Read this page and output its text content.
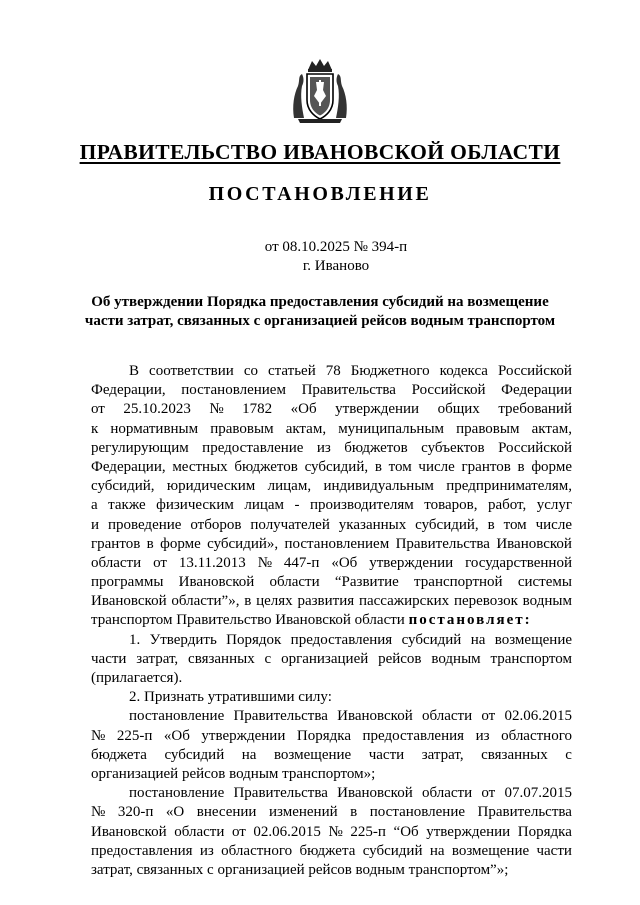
ПРАВИТЕЛЬСТВО ИВАНОВСКОЙ ОБЛАСТИ
ПОСТАНОВЛЕНИЕ
от 08.10.2025 № 394-п
г. Иваново
Об утверждении Порядка предоставления субсидий на возмещение
части затрат, связанных с организацией рейсов водным транспортом
В соответствии со статьей 78 Бюджетного кодекса Российской
Федерации, постановлением Правительства Российской Федерации
от 25.10.2023 № 1782 «Об утверждении общих требований
к нормативным правовым актам, муниципальным правовым актам,
регулирующим предоставление из бюджетов субъектов Российской
Федерации, местных бюджетов субсидий, в том числе грантов в форме
субсидий, юридическим лицам, индивидуальным предпринимателям,
а также физическим лицам - производителям товаров, работ, услуг
и проведение отборов получателей указанных субсидий, в том числе
грантов в форме субсидий», постановлением Правительства Ивановской
области от 13.11.2013 № 447-п «Об утверждении государственной
программы Ивановской области “Развитие транспортной системы
Ивановской области”», в целях развития пассажирских перевозок водным
транспортом Правительство Ивановской области постановляет:
1. Утвердить Порядок предоставления субсидий на возмещение
части затрат, связанных с организацией рейсов водным транспортом
(прилагается).
2. Признать утратившими силу:
постановление Правительства Ивановской области от 02.06.2015
№ 225-п «Об утверждении Порядка предоставления из областного
бюджета субсидий на возмещение части затрат, связанных с
организацией рейсов водным транспортом»;
постановление Правительства Ивановской области от 07.07.2015
№ 320-п «О внесении изменений в постановление Правительства
Ивановской области от 02.06.2015 № 225-п “Об утверждении Порядка
предоставления из областного бюджета субсидий на возмещение части
затрат, связанных с организацией рейсов водным транспортом”»;
